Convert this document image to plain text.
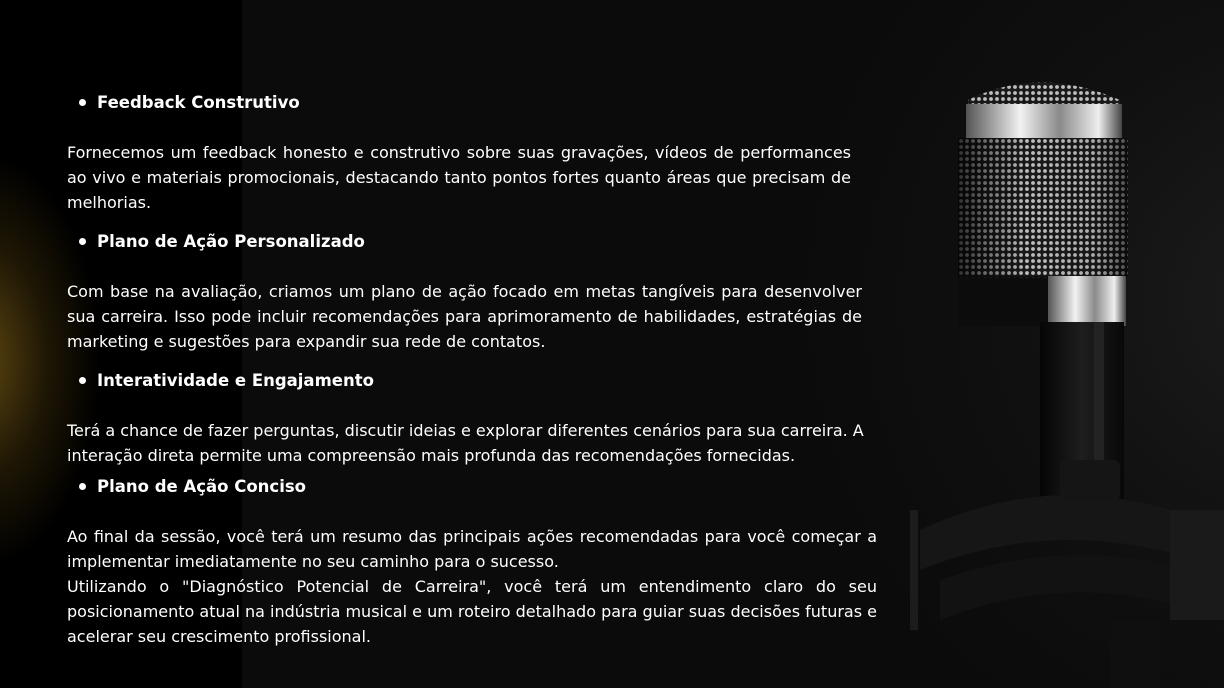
Feedback Construtivo

Fornecemos um feedback honesto e construtivo sobre suas gravações, vídeos de performances ao vivo e materiais promocionais, destacando tanto pontos fortes quanto áreas que precisam de melhorias.

Plano de Ação Personalizado

Com base na avaliação, criamos um plano de ação focado em metas tangíveis para desenvolver sua carreira. Isso pode incluir recomendações para aprimoramento de habilidades, estratégias de marketing e sugestões para expandir sua rede de contatos.

Interatividade e Engajamento

Terá a chance de fazer perguntas, discutir ideias e explorar diferentes cenários para sua carreira. A interação direta permite uma compreensão mais profunda das recomendações fornecidas.

Plano de Ação Conciso

Ao final da sessão, você terá um resumo das principais ações recomendadas para você começar a implementar imediatamente no seu caminho para o sucesso.

Utilizando o "Diagnóstico Potencial de Carreira", você terá um entendimento claro do seu posicionamento atual na indústria musical e um roteiro detalhado para guiar suas decisões futuras e acelerar seu crescimento profissional.
